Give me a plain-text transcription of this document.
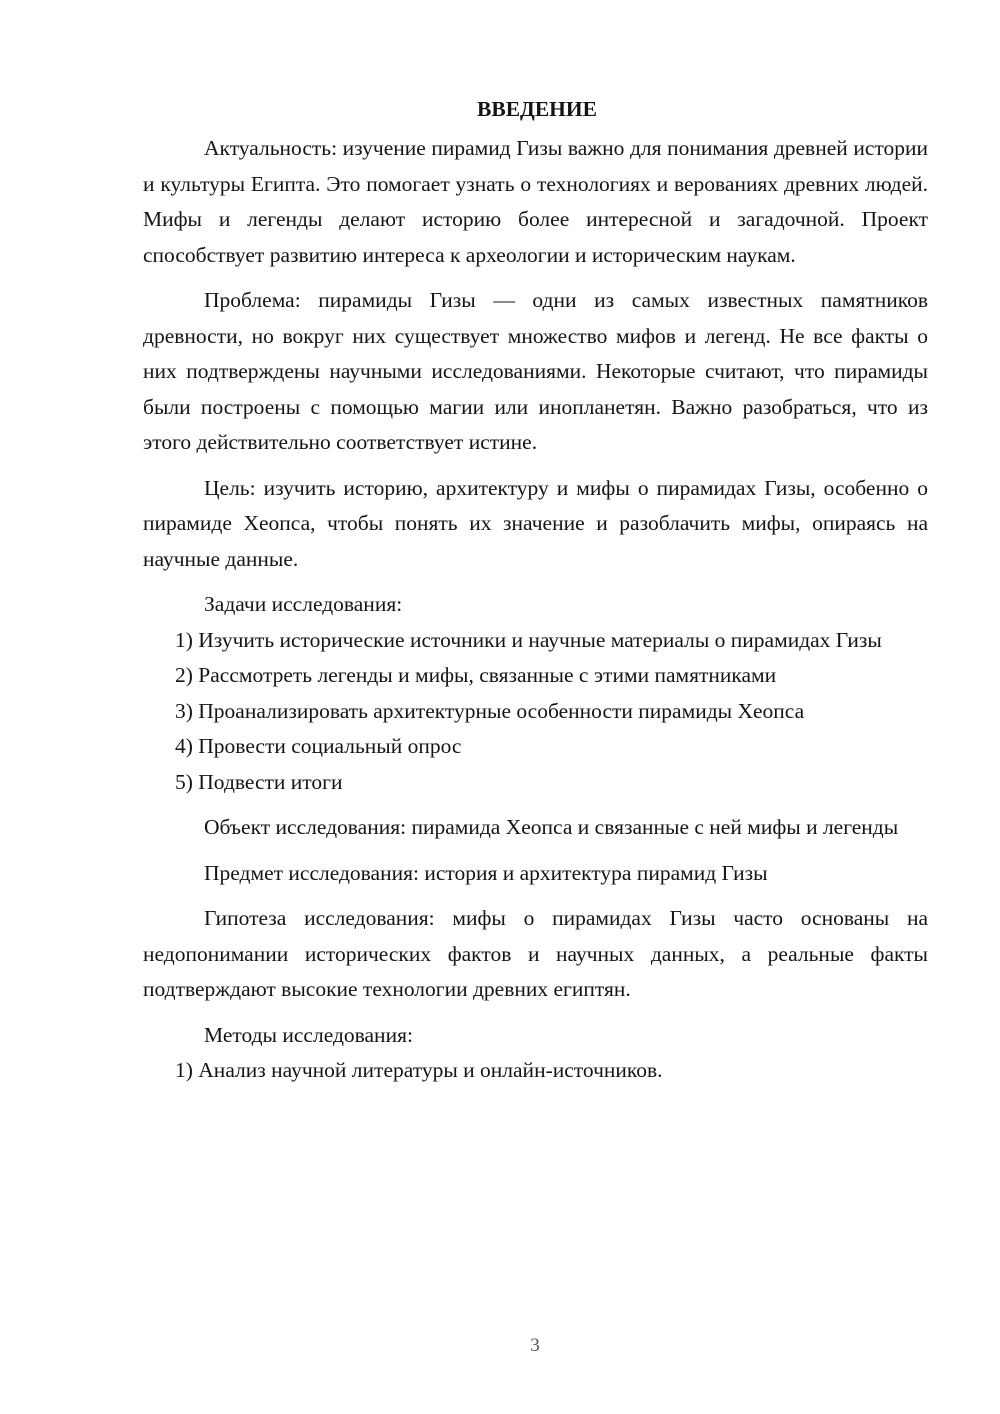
ВВЕДЕНИЕ

Актуальность: изучение пирамид Гизы важно для понимания древней истории и культуры Египта. Это помогает узнать о технологиях и верованиях древних людей. Мифы и легенды делают историю более интересной и загадочной. Проект способствует развитию интереса к археологии и историческим наукам.

Проблема: пирамиды Гизы — одни из самых известных памятников древности, но вокруг них существует множество мифов и легенд. Не все факты о них подтверждены научными исследованиями. Некоторые считают, что пирамиды были построены с помощью магии или инопланетян. Важно разобраться, что из этого действительно соответствует истине.

Цель: изучить историю, архитектуру и мифы о пирамидах Гизы, особенно о пирамиде Хеопса, чтобы понять их значение и разоблачить мифы, опираясь на научные данные.

Задачи исследования:

1) Изучить исторические источники и научные материалы о пирамидах Гизы

2) Рассмотреть легенды и мифы, связанные с этими памятниками

3) Проанализировать архитектурные особенности пирамиды Хеопса

4) Провести социальный опрос

5) Подвести итоги

Объект исследования: пирамида Хеопса и связанные с ней мифы и легенды

Предмет исследования: история и архитектура пирамид Гизы

Гипотеза исследования: мифы о пирамидах Гизы часто основаны на недопонимании исторических фактов и научных данных, а реальные факты подтверждают высокие технологии древних египтян.

Методы исследования:

1) Анализ научной литературы и онлайн-источников.

3
